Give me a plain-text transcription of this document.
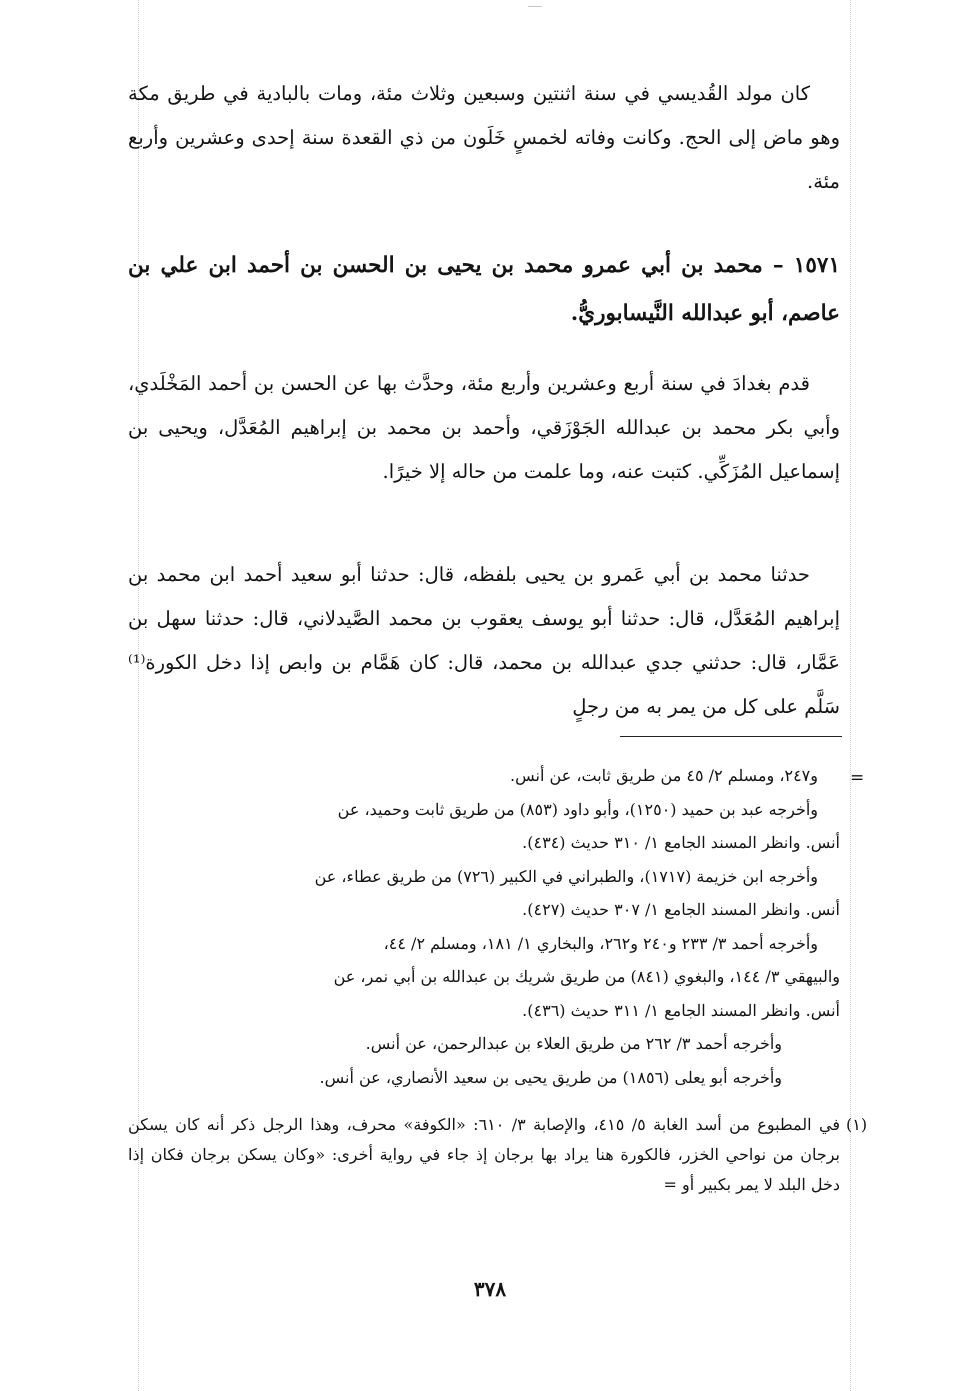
كان مولد القُديسي في سنة اثنتين وسبعين وثلاث مئة، ومات بالبادية في طريق مكة وهو ماض إلى الحج. وكانت وفاته لخمسٍ خَلَون من ذي القعدة سنة إحدى وعشرين وأربع مئة.

١٥٧١ – محمد بن أبي عمرو محمد بن يحيى بن الحسن بن أحمد ابن علي بن عاصم، أبو عبدالله النَّيسابوريُّ.

قدم بغدادَ في سنة أربع وعشرين وأربع مئة، وحدَّث بها عن الحسن بن أحمد المَخْلَدي، وأبي بكر محمد بن عبدالله الجَوْزَقي، وأحمد بن محمد بن إبراهيم المُعَدَّل، ويحيى بن إسماعيل المُزَكِّي. كتبت عنه، وما علمت من حاله إلا خيرًا.

حدثنا محمد بن أبي عَمرو بن يحيى بلفظه، قال: حدثنا أبو سعيد أحمد ابن محمد بن إبراهيم المُعَدَّل، قال: حدثنا أبو يوسف يعقوب بن محمد الصَّيدلاني، قال: حدثنا سهل بن عَمَّار، قال: حدثني جدي عبدالله بن محمد، قال: كان هَمَّام بن وابص إذا دخل الكورة⁽¹⁾ سَلَّم على كل من يمر به من رجلٍ

=
و٢٤٧، ومسلم ٢/ ٤٥ من طريق ثابت، عن أنس.
وأخرجه عبد بن حميد (١٢٥٠)، وأبو داود (٨٥٣) من طريق ثابت وحميد، عن
أنس. وانظر المسند الجامع ١/ ٣١٠ حديث (٤٣٤).
وأخرجه ابن خزيمة (١٧١٧)، والطبراني في الكبير (٧٢٦) من طريق عطاء، عن
أنس. وانظر المسند الجامع ١/ ٣٠٧ حديث (٤٢٧).
وأخرجه أحمد ٣/ ٢٣٣ و٢٤٠ و٢٦٢، والبخاري ١/ ١٨١، ومسلم ٢/ ٤٤،
والبيهقي ٣/ ١٤٤، والبغوي (٨٤١) من طريق شريك بن عبدالله بن أبي نمر، عن
أنس. وانظر المسند الجامع ١/ ٣١١ حديث (٤٣٦).
وأخرجه أحمد ٣/ ٢٦٢ من طريق العلاء بن عبدالرحمن، عن أنس.
وأخرجه أبو يعلى (١٨٥٦) من طريق يحيى بن سعيد الأنصاري، عن أنس.
(١)

في المطبوع من أسد الغابة ٥/ ٤١٥، والإصابة ٣/ ٦١٠: «الكوفة» محرف، وهذا الرجل ذكر أنه كان يسكن برجان من نواحي الخزر، فالكورة هنا يراد بها برجان إذ جاء في رواية أخرى: «وكان يسكن برجان فكان إذا دخل البلد لا يمر بكبير أو =

٣٧٨
